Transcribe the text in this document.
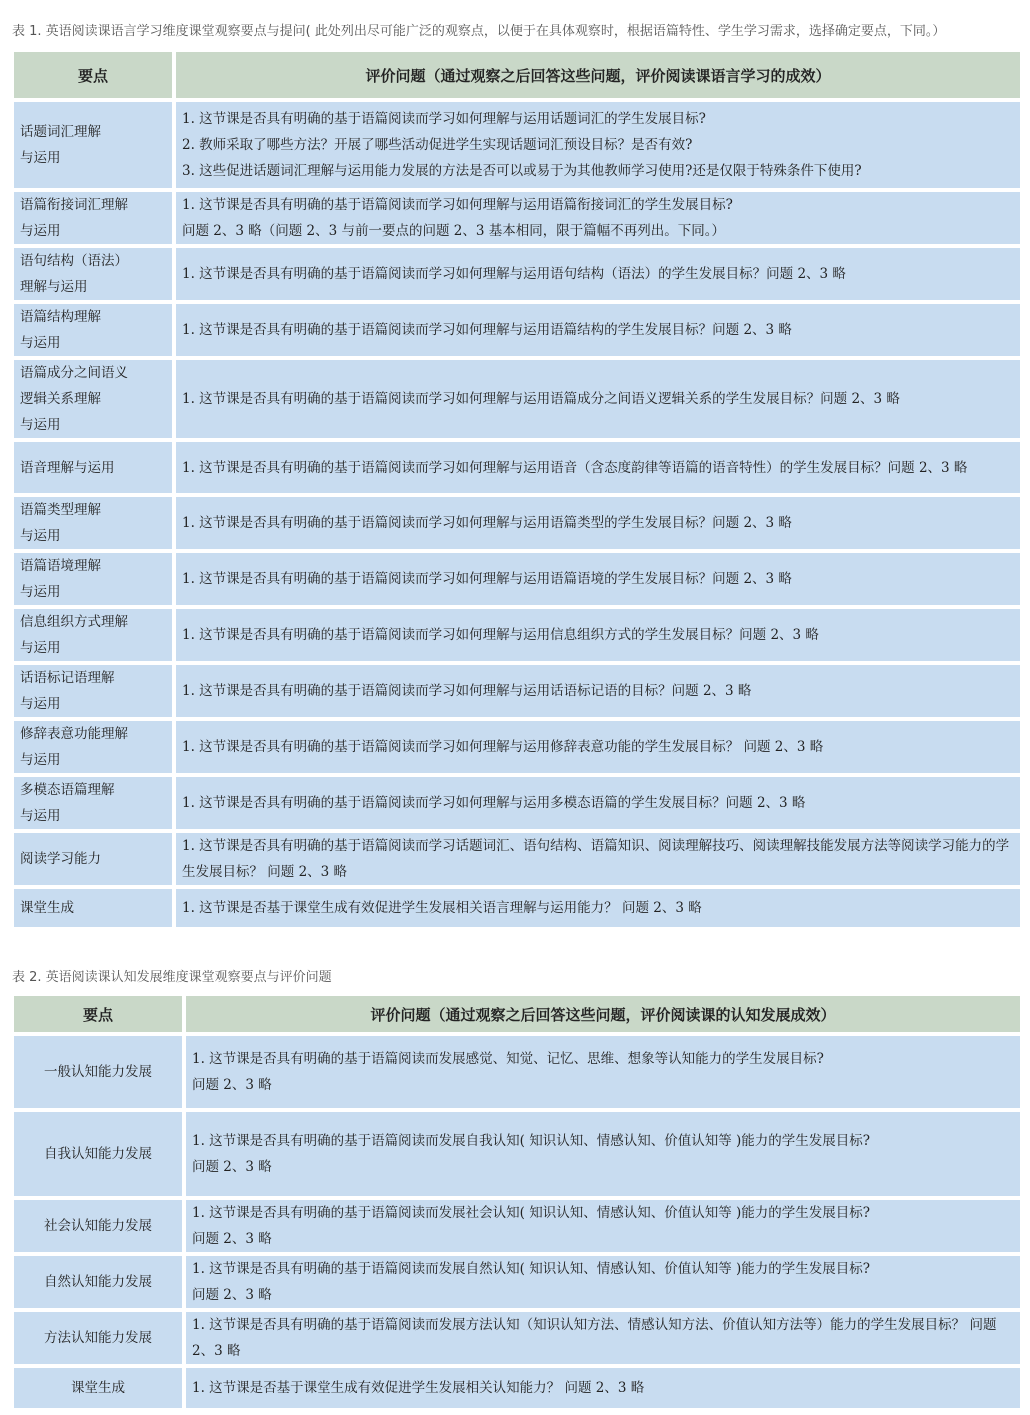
表 1. 英语阅读课语言学习维度课堂观察要点与提问( 此处列出尽可能广泛的观察点，以便于在具体观察时，根据语篇特性、学生学习需求，选择确定要点，下同。）
要点	评价问题（通过观察之后回答这些问题，评价阅读课语言学习的成效）
话题词汇理解
与运用	1. 这节课是否具有明确的基于语篇阅读而学习如何理解与运用话题词汇的学生发展目标?
2. 教师采取了哪些方法？开展了哪些活动促进学生实现话题词汇预设目标？是否有效?
3. 这些促进话题词汇理解与运用能力发展的方法是否可以或易于为其他教师学习使用?还是仅限于特殊条件下使用?

语篇衔接词汇理解
与运用	1. 这节课是否具有明确的基于语篇阅读而学习如何理解与运用语篇衔接词汇的学生发展目标?
问题 2、3 略（问题 2、3 与前一要点的问题 2、3 基本相同，限于篇幅不再列出。下同。）

语句结构（语法）
理解与运用	1. 这节课是否具有明确的基于语篇阅读而学习如何理解与运用语句结构（语法）的学生发展目标？问题 2、3 略

语篇结构理解
与运用	1. 这节课是否具有明确的基于语篇阅读而学习如何理解与运用语篇结构的学生发展目标？问题 2、3 略

语篇成分之间语义
逻辑关系理解
与运用	1. 这节课是否具有明确的基于语篇阅读而学习如何理解与运用语篇成分之间语义逻辑关系的学生发展目标？问题 2、3 略

语音理解与运用	1. 这节课是否具有明确的基于语篇阅读而学习如何理解与运用语音（含态度韵律等语篇的语音特性）的学生发展目标？问题 2、3 略

语篇类型理解
与运用	1. 这节课是否具有明确的基于语篇阅读而学习如何理解与运用语篇类型的学生发展目标？问题 2、3 略

语篇语境理解
与运用	1. 这节课是否具有明确的基于语篇阅读而学习如何理解与运用语篇语境的学生发展目标？问题 2、3 略

信息组织方式理解
与运用	1. 这节课是否具有明确的基于语篇阅读而学习如何理解与运用信息组织方式的学生发展目标？问题 2、3 略

话语标记语理解
与运用	1. 这节课是否具有明确的基于语篇阅读而学习如何理解与运用话语标记语的目标？问题 2、3 略

修辞表意功能理解
与运用	1. 这节课是否具有明确的基于语篇阅读而学习如何理解与运用修辞表意功能的学生发展目标？ 问题 2、3 略

多模态语篇理解
与运用	1. 这节课是否具有明确的基于语篇阅读而学习如何理解与运用多模态语篇的学生发展目标？问题 2、3 略

阅读学习能力	1. 这节课是否具有明确的基于语篇阅读而学习话题词汇、语句结构、语篇知识、阅读理解技巧、阅读理解技能发展方法等阅读学习能力的学生发展目标？ 问题 2、3 略

课堂生成	1. 这节课是否基于课堂生成有效促进学生发展相关语言理解与运用能力？ 问题 2、3 略
表 2. 英语阅读课认知发展维度课堂观察要点与评价问题
要点	评价问题（通过观察之后回答这些问题，评价阅读课的认知发展成效）
一般认知能力发展	1. 这节课是否具有明确的基于语篇阅读而发展感觉、知觉、记忆、思维、想象等认知能力的学生发展目标?
问题 2、3 略

自我认知能力发展	1. 这节课是否具有明确的基于语篇阅读而发展自我认知( 知识认知、情感认知、价值认知等 )能力的学生发展目标?
问题 2、3 略

社会认知能力发展	1. 这节课是否具有明确的基于语篇阅读而发展社会认知( 知识认知、情感认知、价值认知等 )能力的学生发展目标?
问题 2、3 略

自然认知能力发展	1. 这节课是否具有明确的基于语篇阅读而发展自然认知( 知识认知、情感认知、价值认知等 )能力的学生发展目标?
问题 2、3 略

方法认知能力发展	1. 这节课是否具有明确的基于语篇阅读而发展方法认知（知识认知方法、情感认知方法、价值认知方法等）能力的学生发展目标？ 问题 2、3 略

课堂生成	1. 这节课是否基于课堂生成有效促进学生发展相关认知能力？ 问题 2、3 略
